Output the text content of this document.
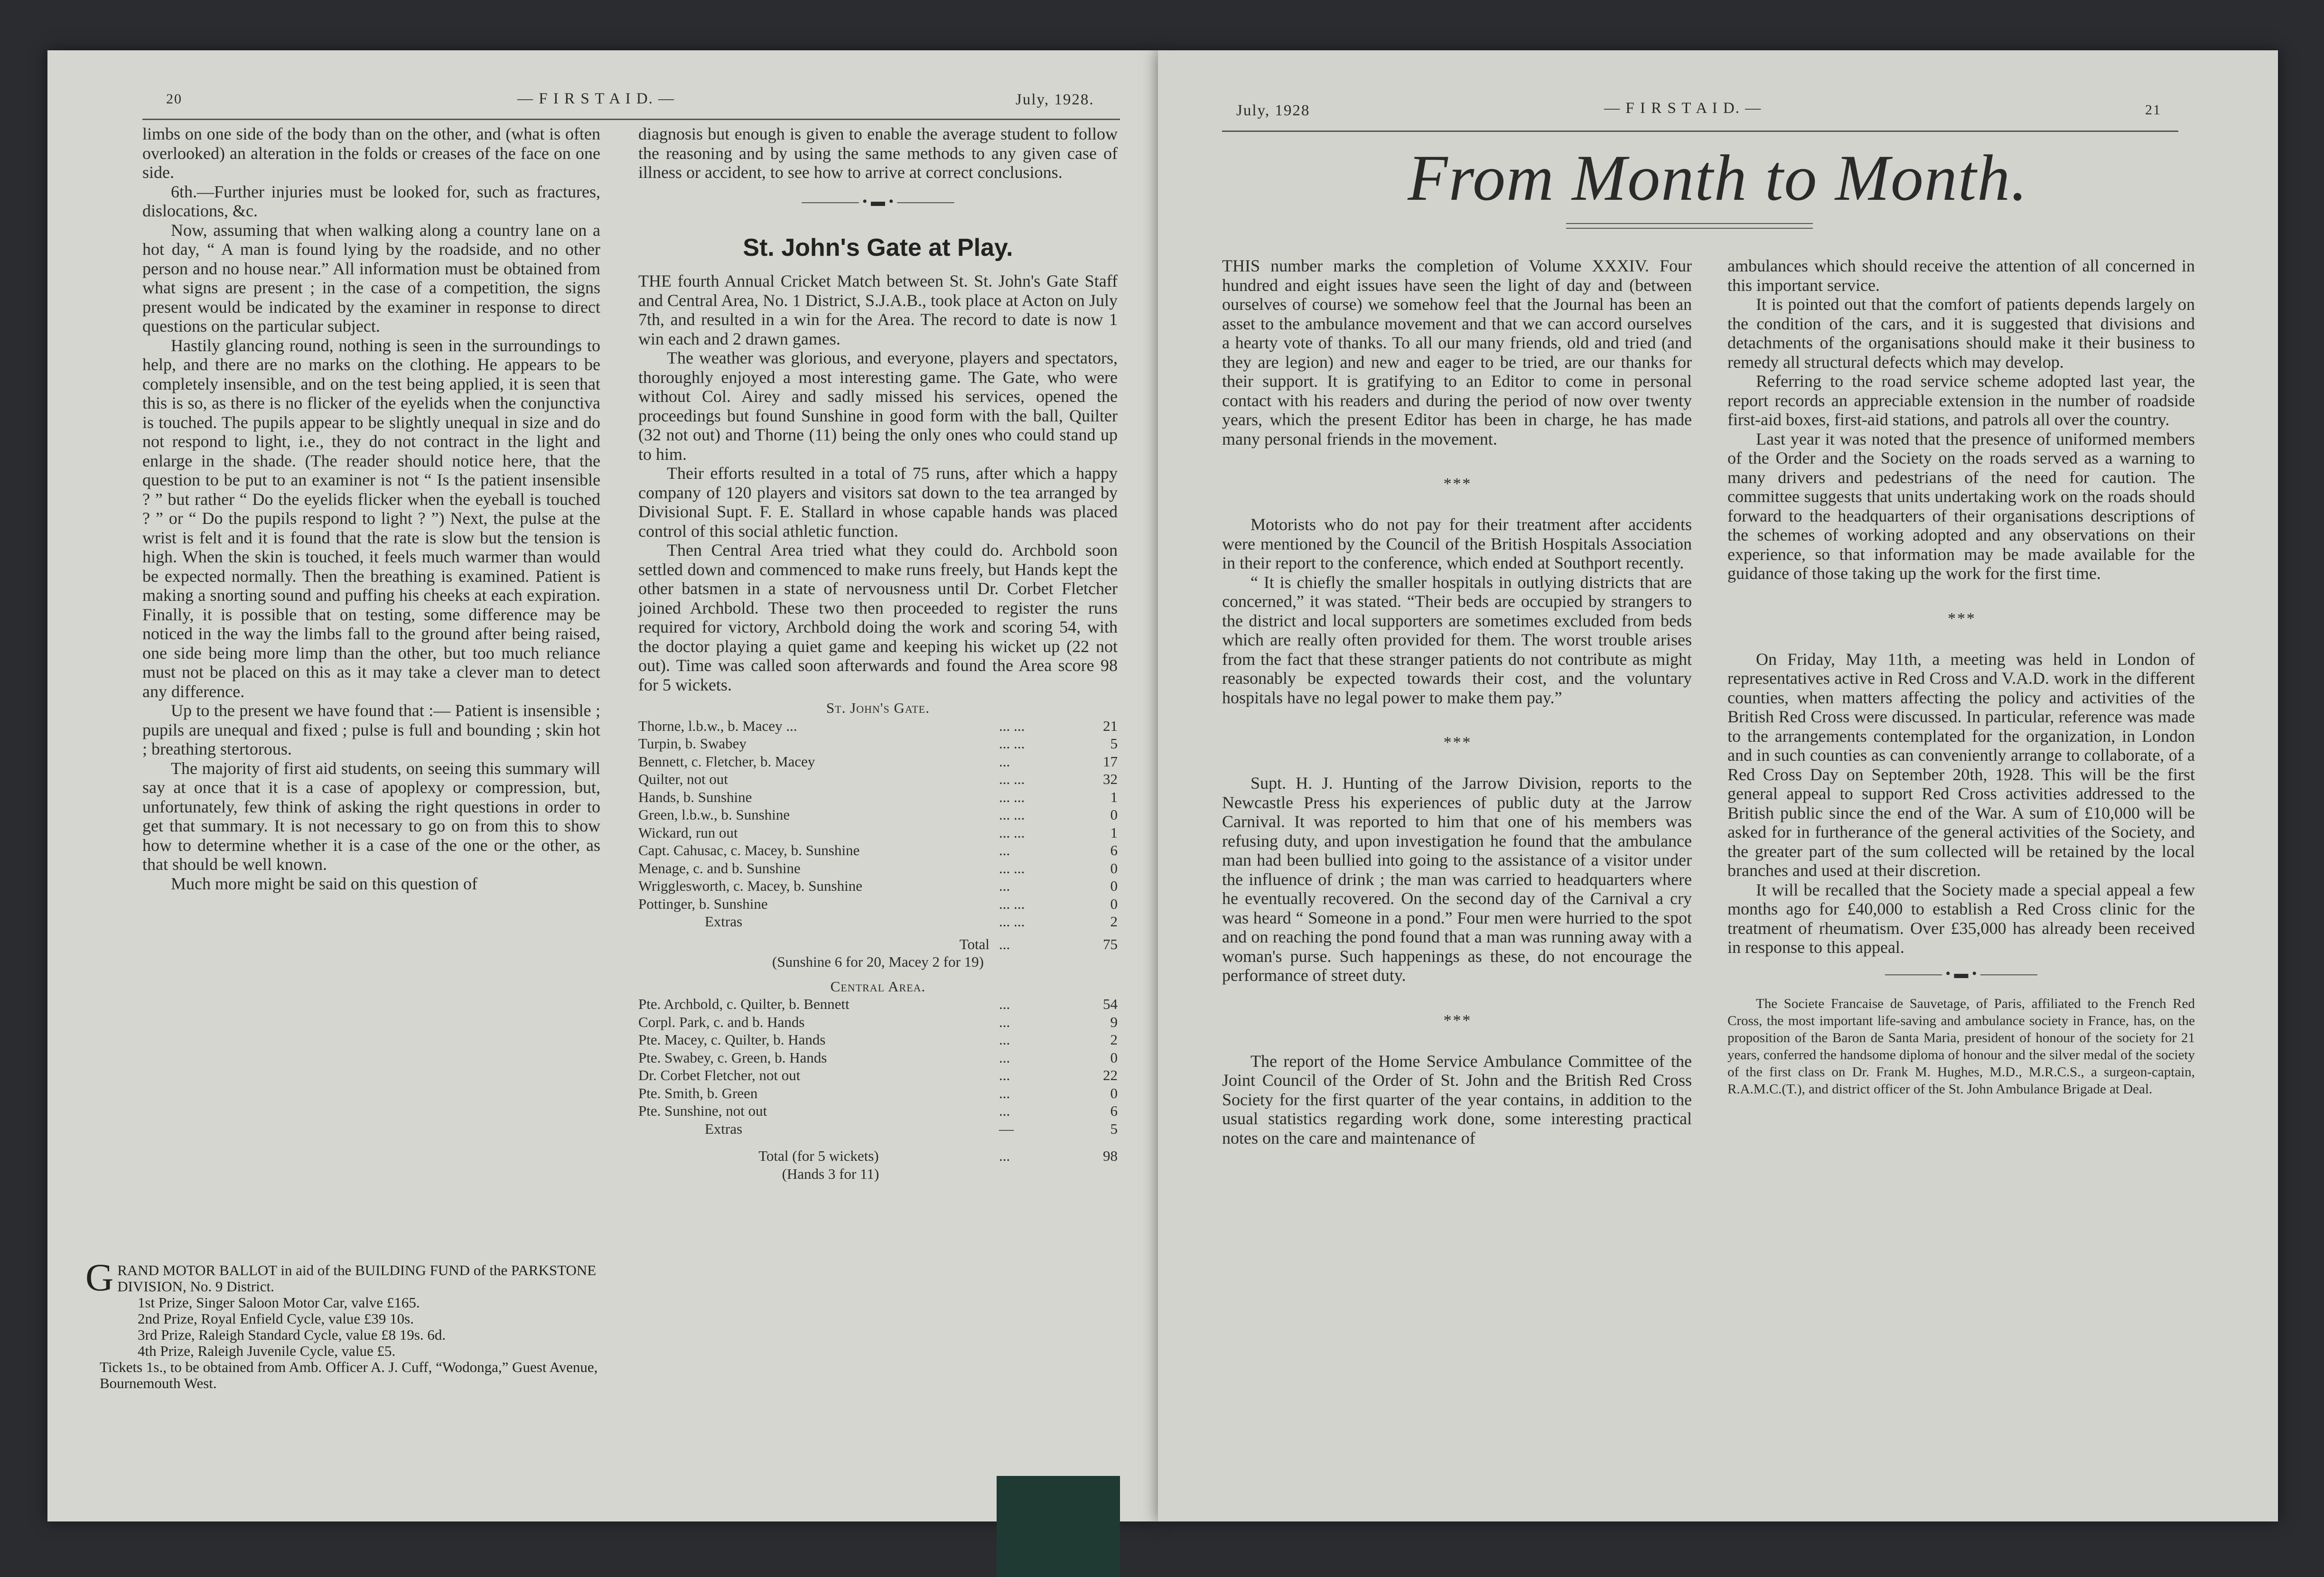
20	— F I R S T A I D. —	July, 1928.

limbs on one side of the body than on the other, and (what is often overlooked) an alteration in the folds or creases of the face on one side.

6th.—Further injuries must be looked for, such as fractures, dislocations, &c.

Now, assuming that when walking along a country lane on a hot day, “ A man is found lying by the roadside, and no other person and no house near.” All information must be obtained from what signs are present ; in the case of a competition, the signs present would be indicated by the examiner in response to direct questions on the particular subject.

Hastily glancing round, nothing is seen in the surroundings to help, and there are no marks on the clothing. He appears to be completely insensible, and on the test being applied, it is seen that this is so, as there is no flicker of the eyelids when the conjunctiva is touched. The pupils appear to be slightly unequal in size and do not respond to light, i.e., they do not contract in the light and enlarge in the shade. (The reader should notice here, that the question to be put to an examiner is not “ Is the patient insensible ? ” but rather “ Do the eyelids flicker when the eyeball is touched ? ” or “ Do the pupils respond to light ? ”) Next, the pulse at the wrist is felt and it is found that the rate is slow but the tension is high. When the skin is touched, it feels much warmer than would be expected normally. Then the breathing is examined. Patient is making a snorting sound and puffing his cheeks at each expiration. Finally, it is possible that on testing, some difference may be noticed in the way the limbs fall to the ground after being raised, one side being more limp than the other, but too much reliance must not be placed on this as it may take a clever man to detect any difference.

Up to the present we have found that :— Patient is insensible ; pupils are unequal and fixed ; pulse is full and bounding ; skin hot ; breathing stertorous.

The majority of first aid students, on seeing this summary will say at once that it is a case of apoplexy or compression, but, unfortunately, few think of asking the right questions in order to get that summary. It is not necessary to go on from this to show how to determine whether it is a case of the one or the other, as that should be well known.

Much more might be said on this question of

G RAND MOTOR BALLOT in aid of the BUILDING FUND of the PARKSTONE DIVISION, No. 9 District.
1st Prize, Singer Saloon Motor Car, valve £165.
2nd Prize, Royal Enfield Cycle, value £39 10s.
3rd Prize, Raleigh Standard Cycle, value £8 19s. 6d.
4th Prize, Raleigh Juvenile Cycle, value £5.
Tickets 1s., to be obtained from Amb. Officer A. J. Cuff, “Wodonga,” Guest Avenue, Bournemouth West.

diagnosis but enough is given to enable the average student to follow the reasoning and by using the same methods to any given case of illness or accident, to see how to arrive at correct conclusions.

———— • ▬ • ————
St. John's Gate at Play.

THE fourth Annual Cricket Match between St. St. John's Gate Staff and Central Area, No. 1 District, S.J.A.B., took place at Acton on July 7th, and resulted in a win for the Area. The record to date is now 1 win each and 2 drawn games.

The weather was glorious, and everyone, players and spectators, thoroughly enjoyed a most interesting game. The Gate, who were without Col. Airey and sadly missed his services, opened the proceedings but found Sunshine in good form with the ball, Quilter (32 not out) and Thorne (11) being the only ones who could stand up to him.

Their efforts resulted in a total of 75 runs, after which a happy company of 120 players and visitors sat down to the tea arranged by Divisional Supt. F. E. Stallard in whose capable hands was placed control of this social athletic function.

Then Central Area tried what they could do. Archbold soon settled down and commenced to make runs freely, but Hands kept the other batsmen in a state of nervousness until Dr. Corbet Fletcher joined Archbold. These two then proceeded to register the runs required for victory, Archbold doing the work and scoring 54, with the doctor playing a quiet game and keeping his wicket up (22 not out). Time was called soon afterwards and found the Area score 98 for 5 wickets.

St. John's Gate.
Thorne, l.b.w., b. Macey ...	... ...	21
Turpin, b. Swabey	... ...	5
Bennett, c. Fletcher, b. Macey	...	17
Quilter, not out	... ...	32
Hands, b. Sunshine	... ...	1
Green, l.b.w., b. Sunshine	... ...	0
Wickard, run out	... ...	1
Capt. Cahusac, c. Macey, b. Sunshine	...	6
Menage, c. and b. Sunshine	... ...	0
Wrigglesworth, c. Macey, b. Sunshine	...	0
Pottinger, b. Sunshine	... ...	0
Extras	... ...	2
Total ...	75
(Sunshine 6 for 20, Macey 2 for 19)
Central Area.
Pte. Archbold, c. Quilter, b. Bennett	...	54
Corpl. Park, c. and b. Hands	...	9
Pte. Macey, c. Quilter, b. Hands	...	2
Pte. Swabey, c. Green, b. Hands	...	0
Dr. Corbet Fletcher, not out	...	22
Pte. Smith, b. Green	...	0
Pte. Sunshine, not out	...	6
Extras	—	5
Total (for 5 wickets)	...	98
(Hands 3 for 11)
July, 1928	— F I R S T A I D. —	21
From Month to Month.

THIS number marks the completion of Volume XXXIV. Four hundred and eight issues have seen the light of day and (between ourselves of course) we somehow feel that the Journal has been an asset to the ambulance movement and that we can accord ourselves a hearty vote of thanks. To all our many friends, old and tried (and they are legion) and new and eager to be tried, are our thanks for their support. It is gratifying to an Editor to come in personal contact with his readers and during the period of now over twenty years, which the present Editor has been in charge, he has made many personal friends in the movement.

* * *

Motorists who do not pay for their treatment after accidents were mentioned by the Council of the British Hospitals Association in their report to the conference, which ended at Southport recently.

“ It is chiefly the smaller hospitals in outlying districts that are concerned,” it was stated. “Their beds are occupied by strangers to the district and local supporters are sometimes excluded from beds which are really often provided for them. The worst trouble arises from the fact that these stranger patients do not contribute as might reasonably be expected towards their cost, and the voluntary hospitals have no legal power to make them pay.”

* * *

Supt. H. J. Hunting of the Jarrow Division, reports to the Newcastle Press his experiences of public duty at the Jarrow Carnival. It was reported to him that one of his members was refusing duty, and upon investigation he found that the ambulance man had been bullied into going to the assistance of a visitor under the influence of drink ; the man was carried to headquarters where he eventually recovered. On the second day of the Carnival a cry was heard “ Someone in a pond.” Four men were hurried to the spot and on reaching the pond found that a man was running away with a woman's purse. Such happenings as these, do not encourage the performance of street duty.

* * *

The report of the Home Service Ambulance Committee of the Joint Council of the Order of St. John and the British Red Cross Society for the first quarter of the year contains, in addition to the usual statistics regarding work done, some interesting practical notes on the care and maintenance of

ambulances which should receive the attention of all concerned in this important service.

It is pointed out that the comfort of patients depends largely on the condition of the cars, and it is suggested that divisions and detachments of the organisations should make it their business to remedy all structural defects which may develop.

Referring to the road service scheme adopted last year, the report records an appreciable extension in the number of roadside first-aid boxes, first-aid stations, and patrols all over the country.

Last year it was noted that the presence of uniformed members of the Order and the Society on the roads served as a warning to many drivers and pedestrians of the need for caution. The committee suggests that units undertaking work on the roads should forward to the headquarters of their organisations descriptions of the schemes of working adopted and any observations on their experience, so that information may be made available for the guidance of those taking up the work for the first time.

* * *

On Friday, May 11th, a meeting was held in London of representatives active in Red Cross and V.A.D. work in the different counties, when matters affecting the policy and activities of the British Red Cross were discussed. In particular, reference was made to the arrangements contemplated for the organization, in London and in such counties as can conveniently arrange to collaborate, of a Red Cross Day on September 20th, 1928. This will be the first general appeal to support Red Cross activities addressed to the British public since the end of the War. A sum of £10,000 will be asked for in furtherance of the general activities of the Society, and the greater part of the sum collected will be retained by the local branches and used at their discretion.

It will be recalled that the Society made a special appeal a few months ago for £40,000 to establish a Red Cross clinic for the treatment of rheumatism. Over £35,000 has already been received in response to this appeal.

———— • ▬ • ————

The Societe Francaise de Sauvetage, of Paris, affiliated to the French Red Cross, the most important life-saving and ambulance society in France, has, on the proposition of the Baron de Santa Maria, president of honour of the society for 21 years, conferred the handsome diploma of honour and the silver medal of the society of the first class on Dr. Frank M. Hughes, M.D., M.R.C.S., a surgeon-captain, R.A.M.C.(T.), and district officer of the St. John Ambulance Brigade at Deal.
